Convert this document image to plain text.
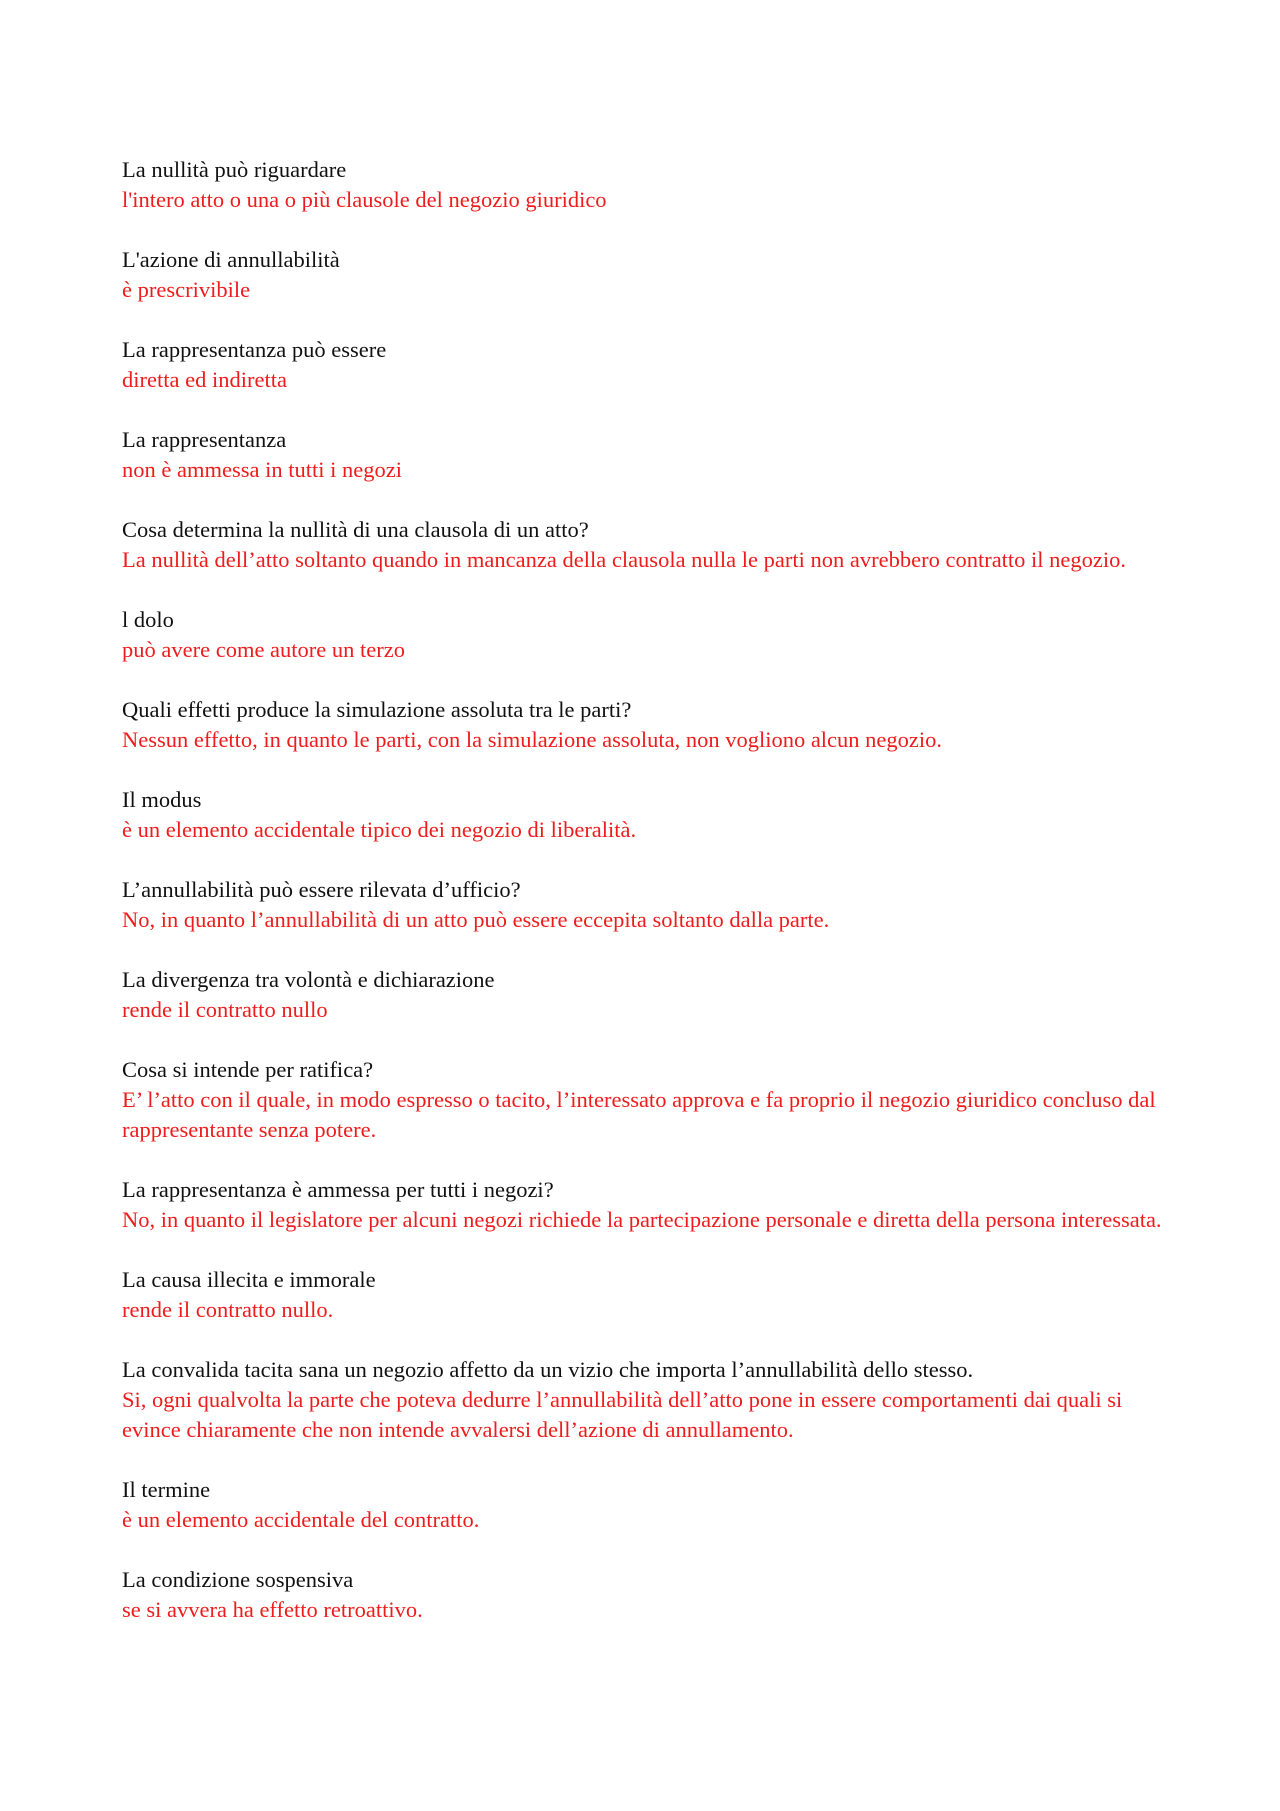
La nullità può riguardare
l'intero atto o una o più clausole del negozio giuridico
L'azione di annullabilità
è prescrivibile
La rappresentanza può essere
diretta ed indiretta
La rappresentanza
non è ammessa in tutti i negozi
Cosa determina la nullità di una clausola di un atto?
La nullità dell’atto soltanto quando in mancanza della clausola nulla le parti non avrebbero contratto il negozio.
l dolo
può avere come autore un terzo
Quali effetti produce la simulazione assoluta tra le parti?
Nessun effetto, in quanto le parti, con la simulazione assoluta, non vogliono alcun negozio.
Il modus
è un elemento accidentale tipico dei negozio di liberalità.
L’annullabilità può essere rilevata d’ufficio?
No, in quanto l’annullabilità di un atto può essere eccepita soltanto dalla parte.
La divergenza tra volontà e dichiarazione
rende il contratto nullo
Cosa si intende per ratifica?
E’ l’atto con il quale, in modo espresso o tacito, l’interessato approva e fa proprio il negozio giuridico concluso dal rappresentante senza potere.
La rappresentanza è ammessa per tutti i negozi?
No, in quanto il legislatore per alcuni negozi richiede la partecipazione personale e diretta della persona interessata.
La causa illecita e immorale
rende il contratto nullo.
La convalida tacita sana un negozio affetto da un vizio che importa l’annullabilità dello stesso.
Si, ogni qualvolta la parte che poteva dedurre l’annullabilità dell’atto pone in essere comportamenti dai quali si evince chiaramente che non intende avvalersi dell’azione di annullamento.
Il termine
è un elemento accidentale del contratto.
La condizione sospensiva
se si avvera ha effetto retroattivo.
